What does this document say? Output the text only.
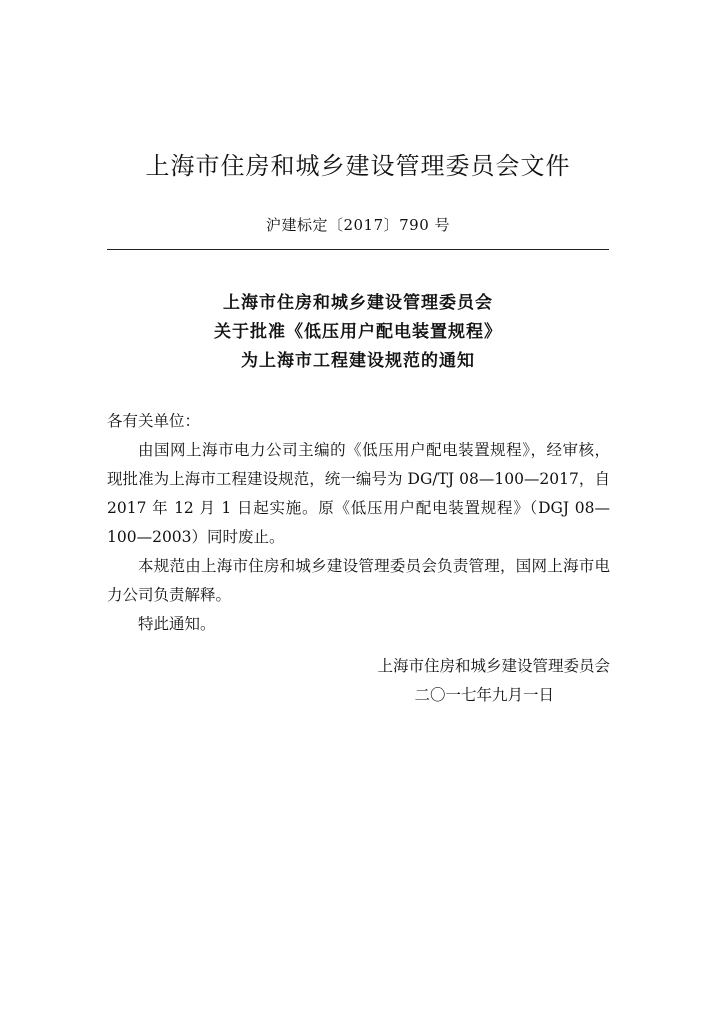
上海市住房和城乡建设管理委员会文件
沪建标定〔2017〕790 号
上海市住房和城乡建设管理委员会
关于批准《低压用户配电装置规程》
为上海市工程建设规范的通知
各有关单位：
由国网上海市电力公司主编的《低压用户配电装置规程》，经审核，现批准为上海市工程建设规范，统一编号为 DG/TJ 08—100—2017，自 2017 年 12 月 1 日起实施。原《低压用户配电装置规程》（DGJ 08—100—2003）同时废止。
本规范由上海市住房和城乡建设管理委员会负责管理，国网上海市电力公司负责解释。
特此通知。
上海市住房和城乡建设管理委员会
二〇一七年九月一日
